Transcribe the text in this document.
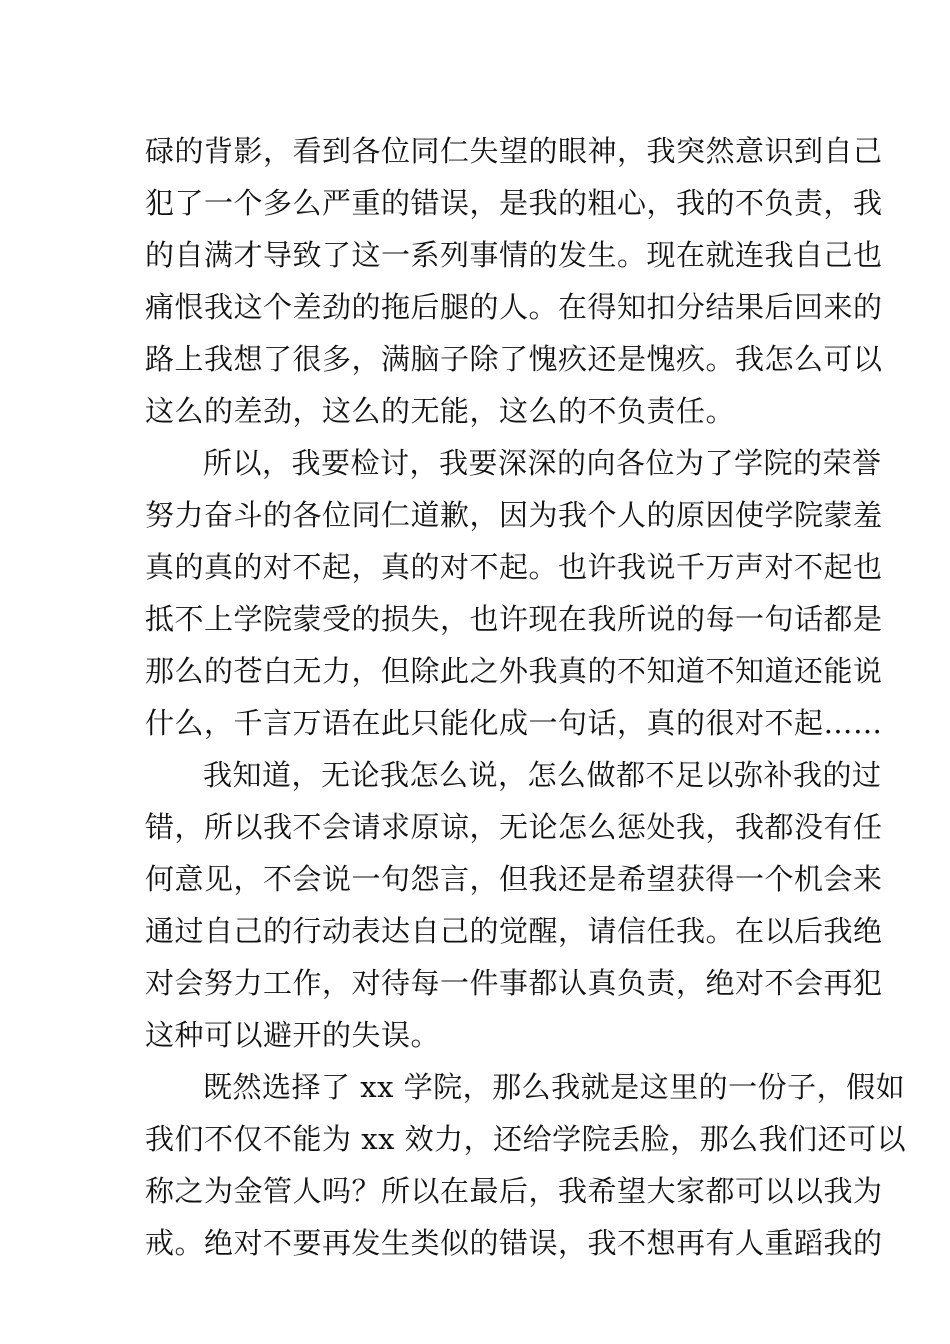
碌的背影，看到各位同仁失望的眼神，我突然意识到自己
犯了一个多么严重的错误，是我的粗心，我的不负责，我
的自满才导致了这一系列事情的发生。现在就连我自己也
痛恨我这个差劲的拖后腿的人。在得知扣分结果后回来的
路上我想了很多，满脑子除了愧疚还是愧疚。我怎么可以
这么的差劲，这么的无能，这么的不负责任。
所以，我要检讨，我要深深的向各位为了学院的荣誉
努力奋斗的各位同仁道歉，因为我个人的原因使学院蒙羞
真的真的对不起，真的对不起。也许我说千万声对不起也
抵不上学院蒙受的损失，也许现在我所说的每一句话都是
那么的苍白无力，但除此之外我真的不知道不知道还能说
什么，千言万语在此只能化成一句话，真的很对不起……
我知道，无论我怎么说，怎么做都不足以弥补我的过
错，所以我不会请求原谅，无论怎么惩处我，我都没有任
何意见，不会说一句怨言，但我还是希望获得一个机会来
通过自己的行动表达自己的觉醒，请信任我。在以后我绝
对会努力工作，对待每一件事都认真负责，绝对不会再犯
这种可以避开的失误。
既然选择了 xx 学院，那么我就是这里的一份子，假如
我们不仅不能为 xx 效力，还给学院丢脸，那么我们还可以
称之为金管人吗？所以在最后，我希望大家都可以以我为
戒。绝对不要再发生类似的错误，我不想再有人重蹈我的
